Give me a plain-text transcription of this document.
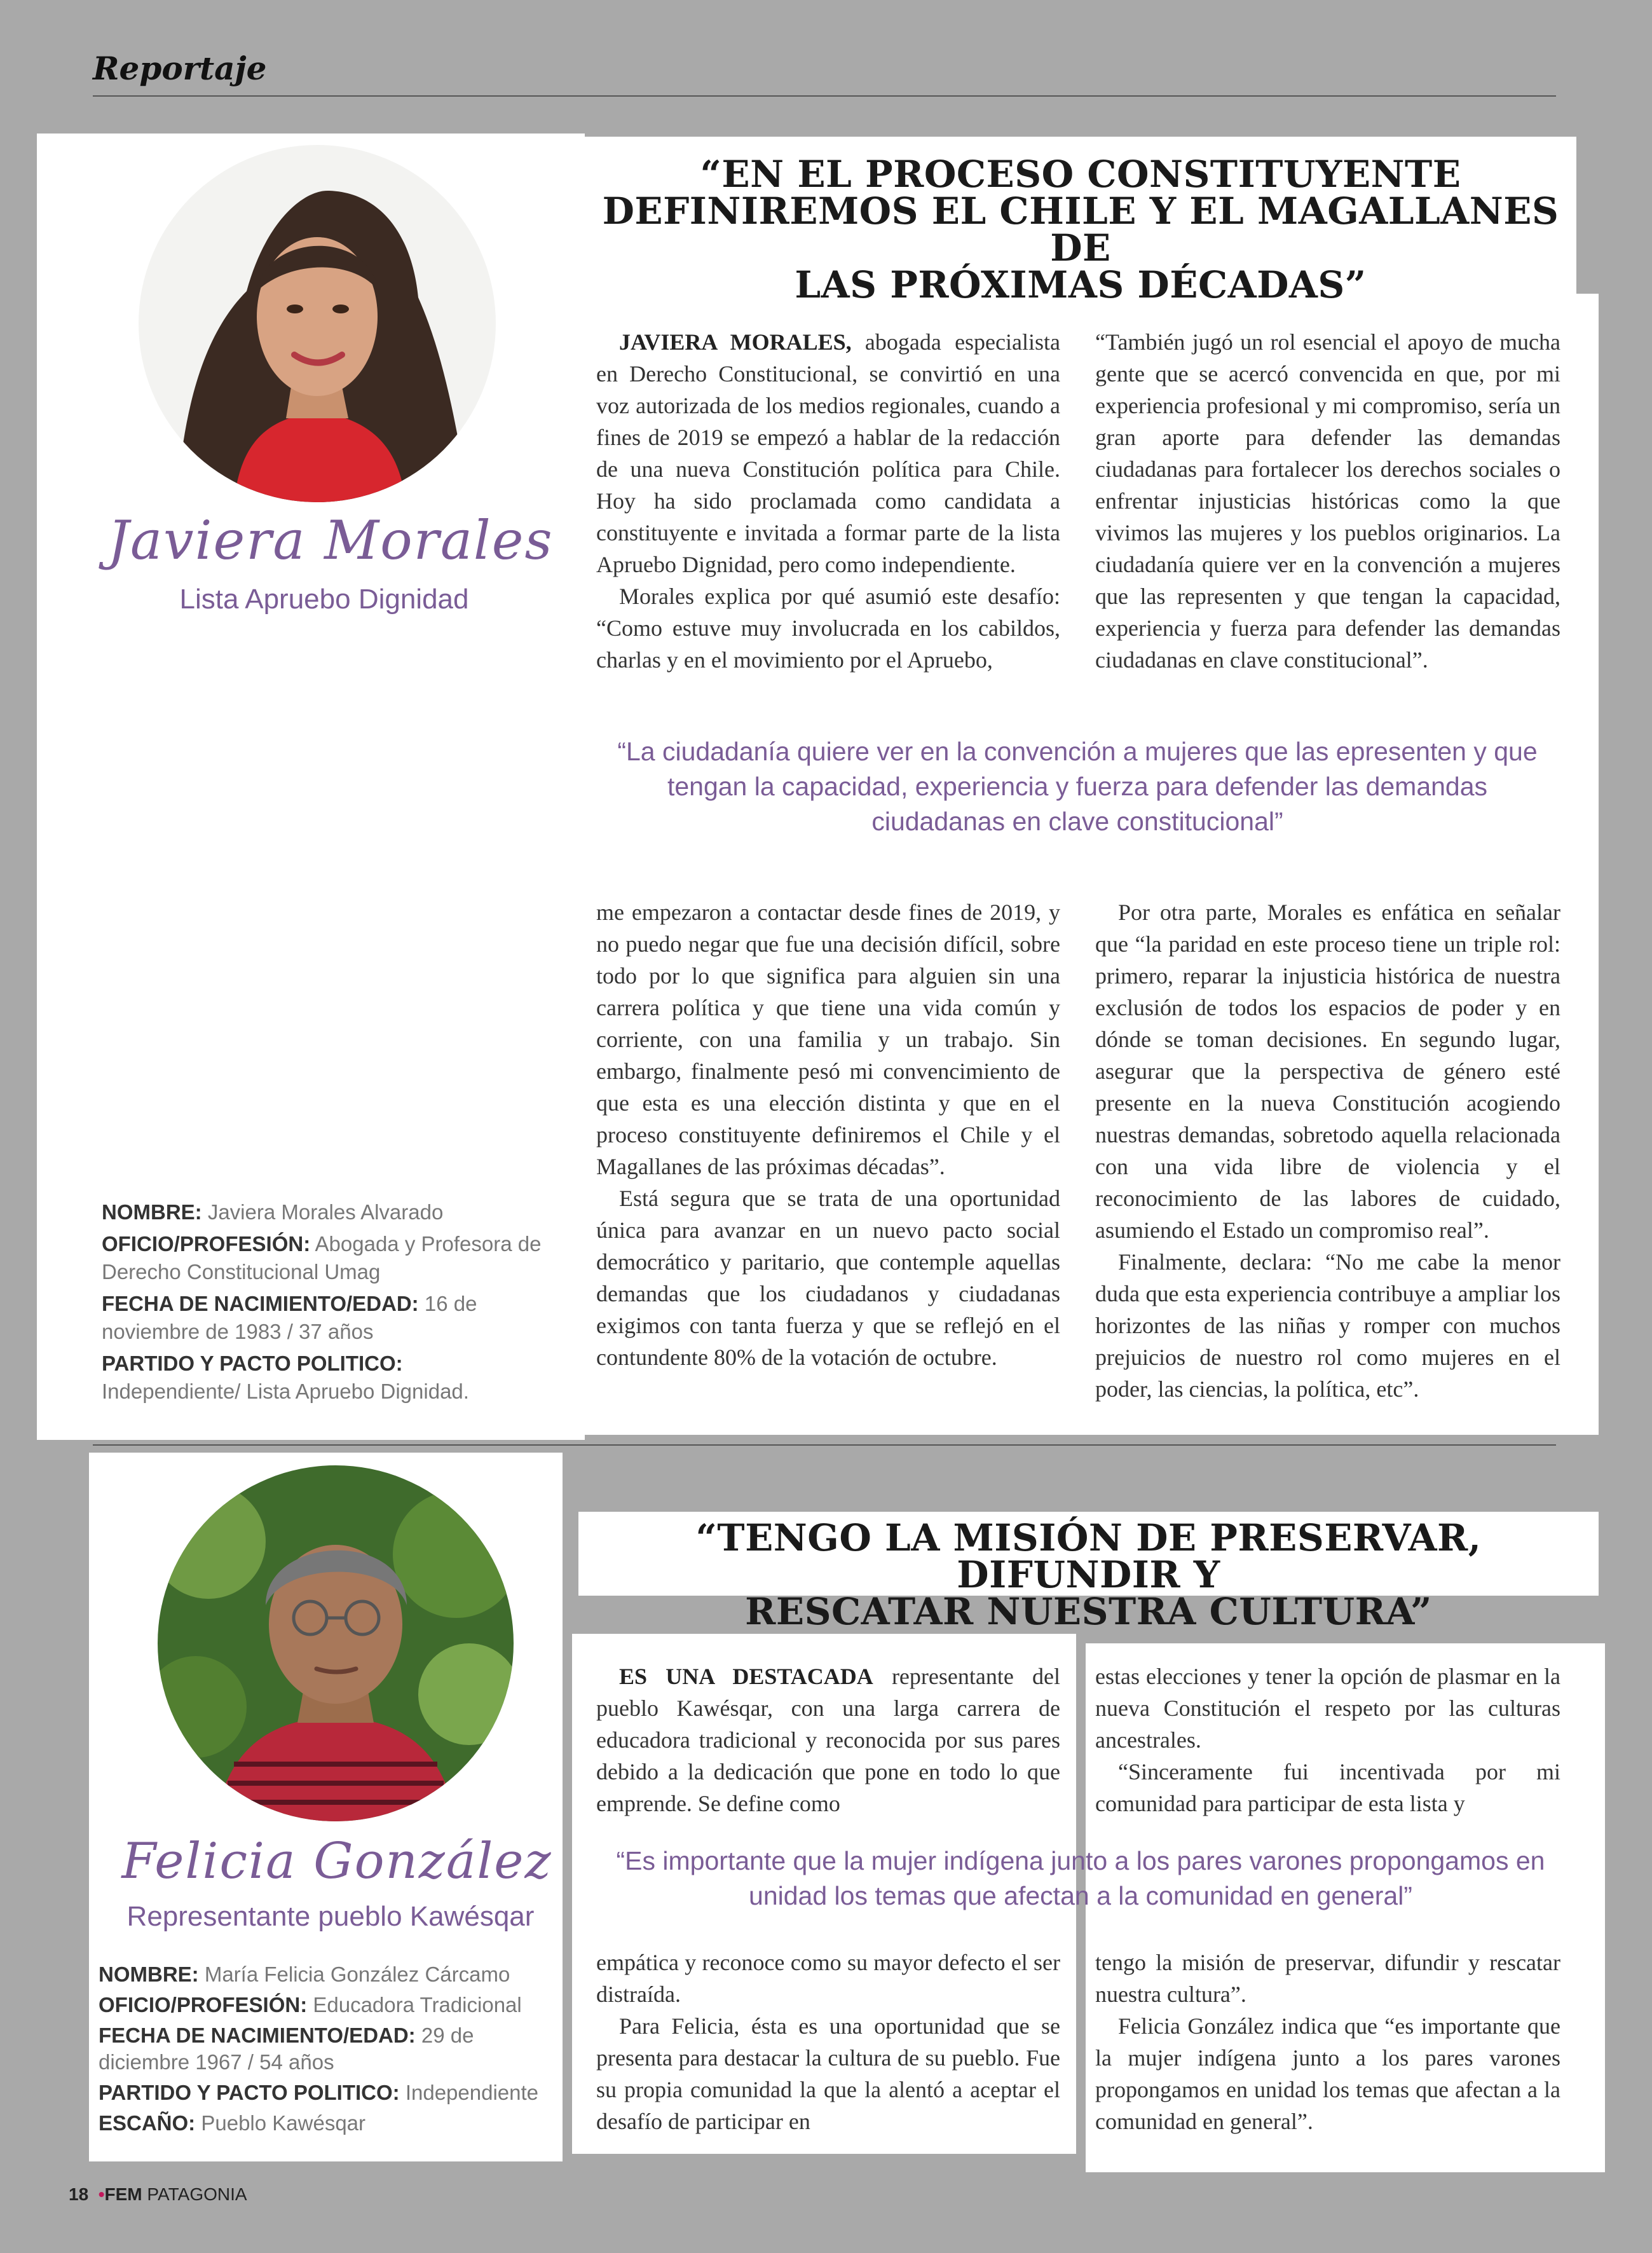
Reportaje
Javiera Morales
Lista Apruebo Dignidad
“EN EL PROCESO CONSTITUYENTE
DEFINIREMOS EL CHILE Y EL MAGALLANES DE
LAS PRÓXIMAS DÉCADAS”

JAVIERA MORALES, abogada especialista en Derecho Constitucional, se convirtió en una voz autorizada de los medios regionales, cuando a fines de 2019 se empezó a hablar de la redacción de una nueva Constitución política para Chile. Hoy ha sido proclamada como candidata a constituyente e invitada a formar parte de la lista Apruebo Dignidad, pero como independiente.

Morales explica por qué asumió este desafío: “Como estuve muy involucrada en los cabildos, charlas y en el movimiento por el Apruebo,

“También jugó un rol esencial el apoyo de mucha gente que se acercó convencida en que, por mi experiencia profesional y mi compromiso, sería un gran aporte para defender las demandas ciudadanas para fortalecer los derechos sociales o enfrentar injusticias históricas como la que vivimos las mujeres y los pueblos originarios. La ciudadanía quiere ver en la convención a mujeres que las representen y que tengan la capacidad, experiencia y fuerza para defender las demandas ciudadanas en clave constitucional”.

“La ciudadanía quiere ver en la convención a mujeres que las epresenten y que tengan la capacidad, experiencia y fuerza para defender las demandas ciudadanas en clave constitucional”

me empezaron a contactar desde fines de 2019, y no puedo negar que fue una decisión difícil, sobre todo por lo que significa para alguien sin una carrera política y que tiene una vida común y corriente, con una familia y un trabajo. Sin embargo, finalmente pesó mi convencimiento de que esta es una elección distinta y que en el proceso constituyente definiremos el Chile y el Magallanes de las próximas décadas”.

Está segura que se trata de una oportunidad única para avanzar en un nuevo pacto social democrático y paritario, que contemple aquellas demandas que los ciudadanos y ciudadanas exigimos con tanta fuerza y que se reflejó en el contundente 80% de la votación de octubre.

Por otra parte, Morales es enfática en señalar que “la paridad en este proceso tiene un triple rol: primero, reparar la injusticia histórica de nuestra exclusión de todos los espacios de poder y en dónde se toman decisiones. En segundo lugar, asegurar que la perspectiva de género esté presente en la nueva Constitución acogiendo nuestras demandas, sobretodo aquella relacionada con una vida libre de violencia y el reconocimiento de las labores de cuidado, asumiendo el Estado un compromiso real”.

Finalmente, declara: “No me cabe la menor duda que esta experiencia contribuye a ampliar los horizontes de las niñas y romper con muchos prejuicios de nuestro rol como mujeres en el poder, las ciencias, la política, etc”.

NOMBRE: Javiera Morales Alvarado
OFICIO/PROFESIÓN: Abogada y Profesora de Derecho Constitucional Umag
FECHA DE NACIMIENTO/EDAD: 16 de noviembre de 1983 / 37 años
PARTIDO Y PACTO POLITICO: Independiente/ Lista Apruebo Dignidad.
Felicia González
Representante pueblo Kawésqar
“TENGO LA MISIÓN DE PRESERVAR, DIFUNDIR Y
RESCATAR NUESTRA CULTURA”

ES UNA DESTACADA representante del pueblo Kawésqar, con una larga carrera de educadora tradicional y reconocida por sus pares debido a la dedicación que pone en todo lo que emprende. Se define como

estas elecciones y tener la opción de plasmar en la nueva Constitución el respeto por las culturas ancestrales.

“Sinceramente fui incentivada por mi comunidad para participar de esta lista y

“Es importante que la mujer indígena junto a los pares varones propongamos en unidad los temas que afectan a la comunidad en general”

empática y reconoce como su mayor defecto el ser distraída.

Para Felicia, ésta es una oportunidad que se presenta para destacar la cultura de su pueblo. Fue su propia comunidad la que la alentó a aceptar el desafío de participar en

tengo la misión de preservar, difundir y rescatar nuestra cultura”.

Felicia González indica que “es importante que la mujer indígena junto a los pares varones propongamos en unidad los temas que afectan a la comunidad en general”.

NOMBRE: María Felicia González Cárcamo
OFICIO/PROFESIÓN: Educadora Tradicional
FECHA DE NACIMIENTO/EDAD: 29 de diciembre 1967 / 54 años
PARTIDO Y PACTO POLITICO: Independiente
ESCAÑO: Pueblo Kawésqar
18  •FEM PATAGONIA
